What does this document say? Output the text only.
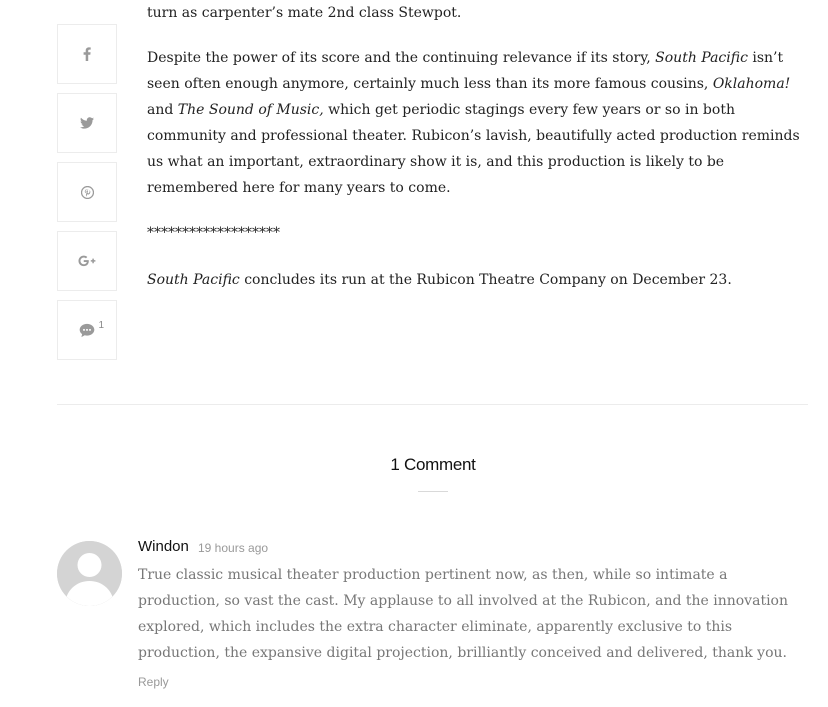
1

turn as carpenter’s mate 2nd class Stewpot.

Despite the power of its score and the continuing relevance if its story, South Pacific isn’t seen often enough anymore, certainly much less than its more famous cousins, Oklahoma! and The Sound of Music, which get periodic stagings every few years or so in both community and professional theater. Rubicon’s lavish, beautifully acted production reminds us what an important, extraordinary show it is, and this production is likely to be remembered here for many years to come.

*******************

South Pacific concludes its run at the Rubicon Theatre Company on December 23.

1 Comment
Windon 19 hours ago

True classic musical theater production pertinent now, as then, while so intimate a production, so vast the cast. My applause to all involved at the Rubicon, and the innovation explored, which includes the extra character eliminate, apparently exclusive to this production, the expansive digital projection, brilliantly conceived and delivered, thank you.

Reply
